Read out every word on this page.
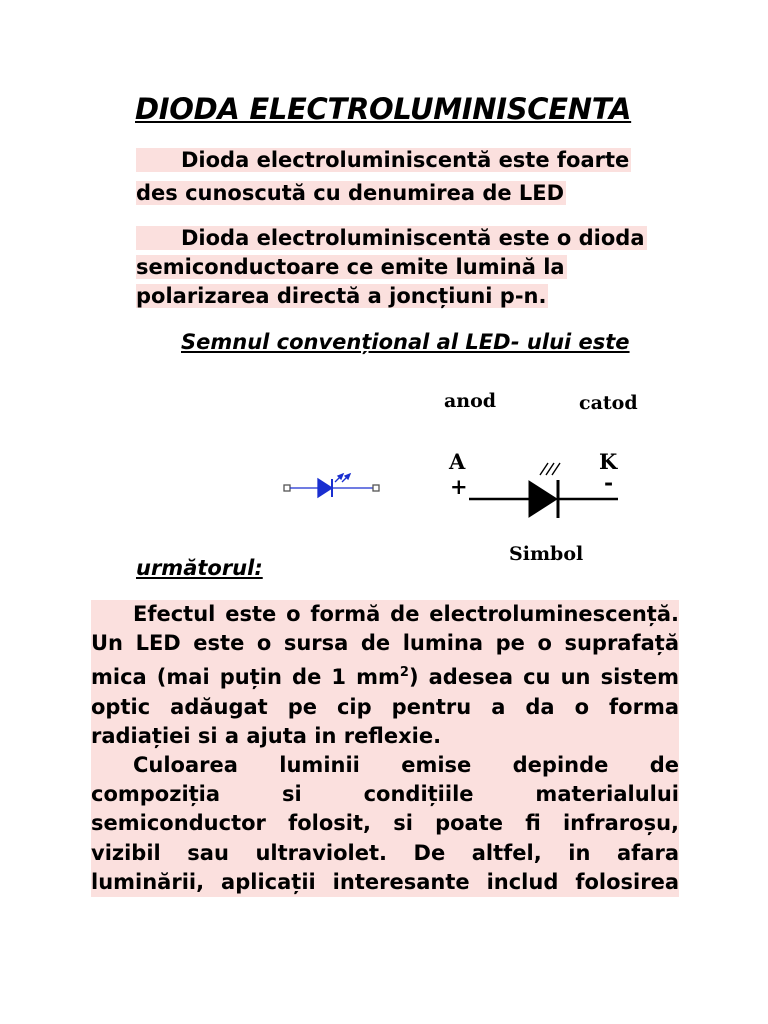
DIODA ELECTROLUMINISCENTA
Dioda electroluminiscentă este foarte
des cunoscută cu denumirea de LED
Dioda electroluminiscentă este o dioda
semiconductoare ce emite lumină la
polarizarea directă a joncțiuni p-n.
Semnul convențional al LED- ului este
anod	catod
A	K
+	-
Simbol
următorul:

Efectul este o formă de electroluminescență. Un LED este o sursa de lumina pe o suprafață mica (mai puțin de 1 $mm^2$) adesea cu un sistem optic adăugat pe cip pentru a da o forma radiației si a ajuta in reflexie.

Culoarea luminii emise depinde de compoziția si condițiile materialului semiconductor folosit, si poate fi infraroșu, vizibil sau ultraviolet. De altfel, in afara luminării, aplicații interesante includ folosirea
